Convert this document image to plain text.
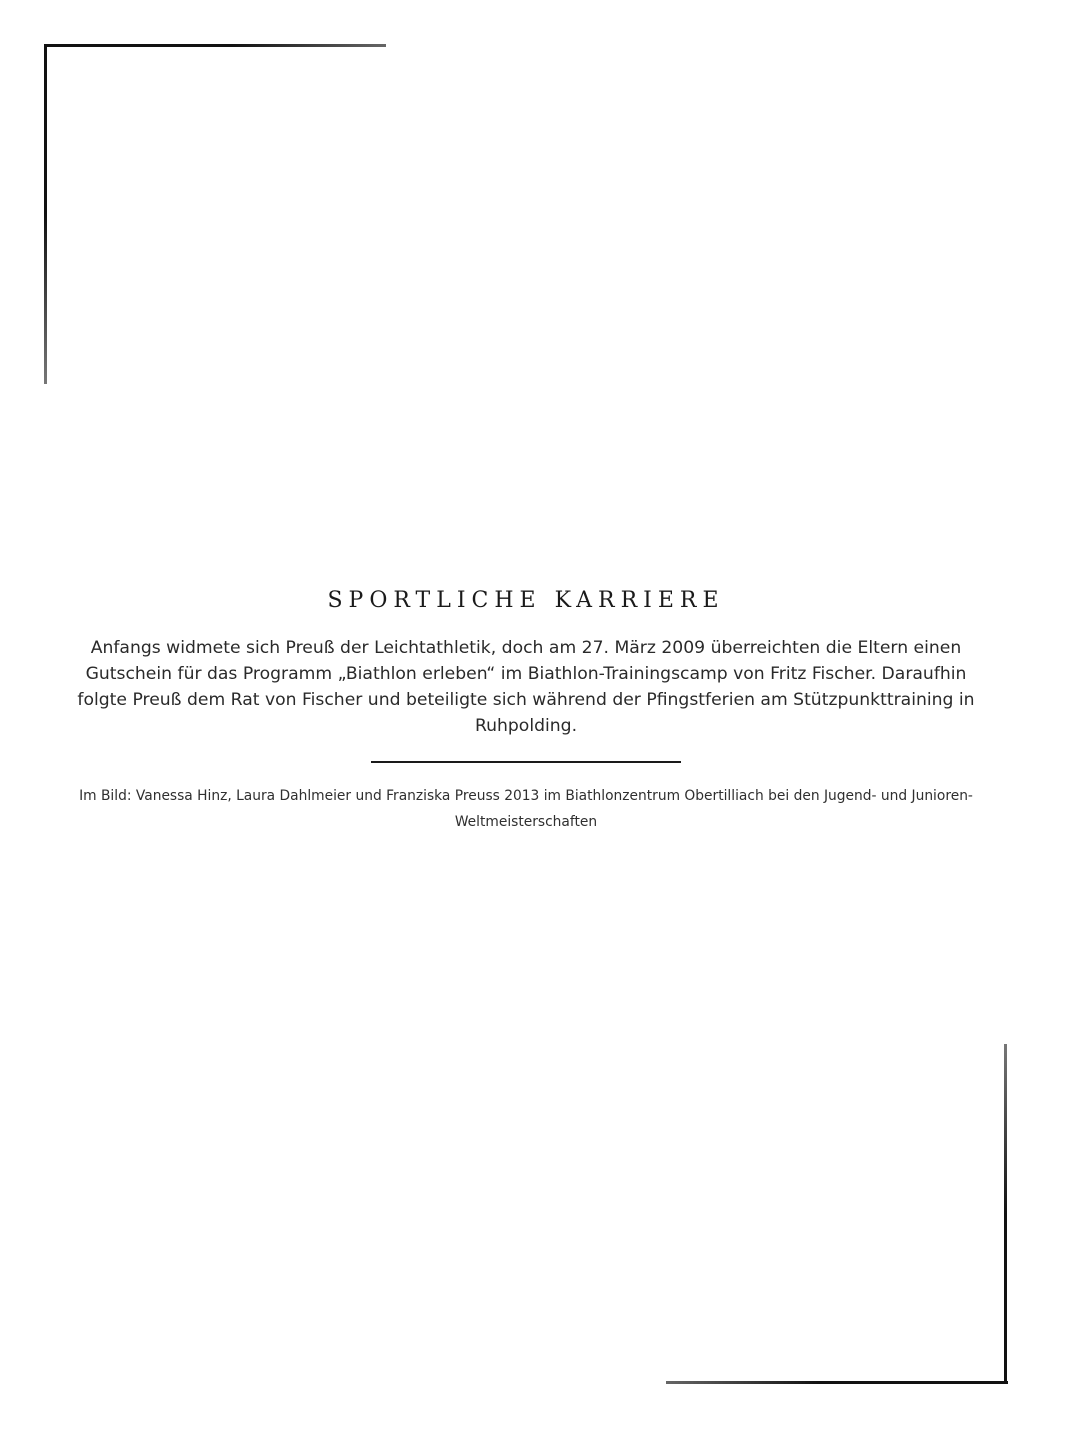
SPORTLICHE KARRIERE

Anfangs widmete sich Preuß der Leichtathletik, doch am 27. März 2009 überreichten die Eltern einen Gutschein für das Programm „Biathlon erleben“ im Biathlon-Trainingscamp von Fritz Fischer. Daraufhin folgte Preuß dem Rat von Fischer und beteiligte sich während der Pfingstferien am Stützpunkttraining in Ruhpolding.

Im Bild: Vanessa Hinz, Laura Dahlmeier und Franziska Preuss 2013 im Biathlonzentrum Obertilliach bei den Jugend- und Junioren-Weltmeisterschaften
